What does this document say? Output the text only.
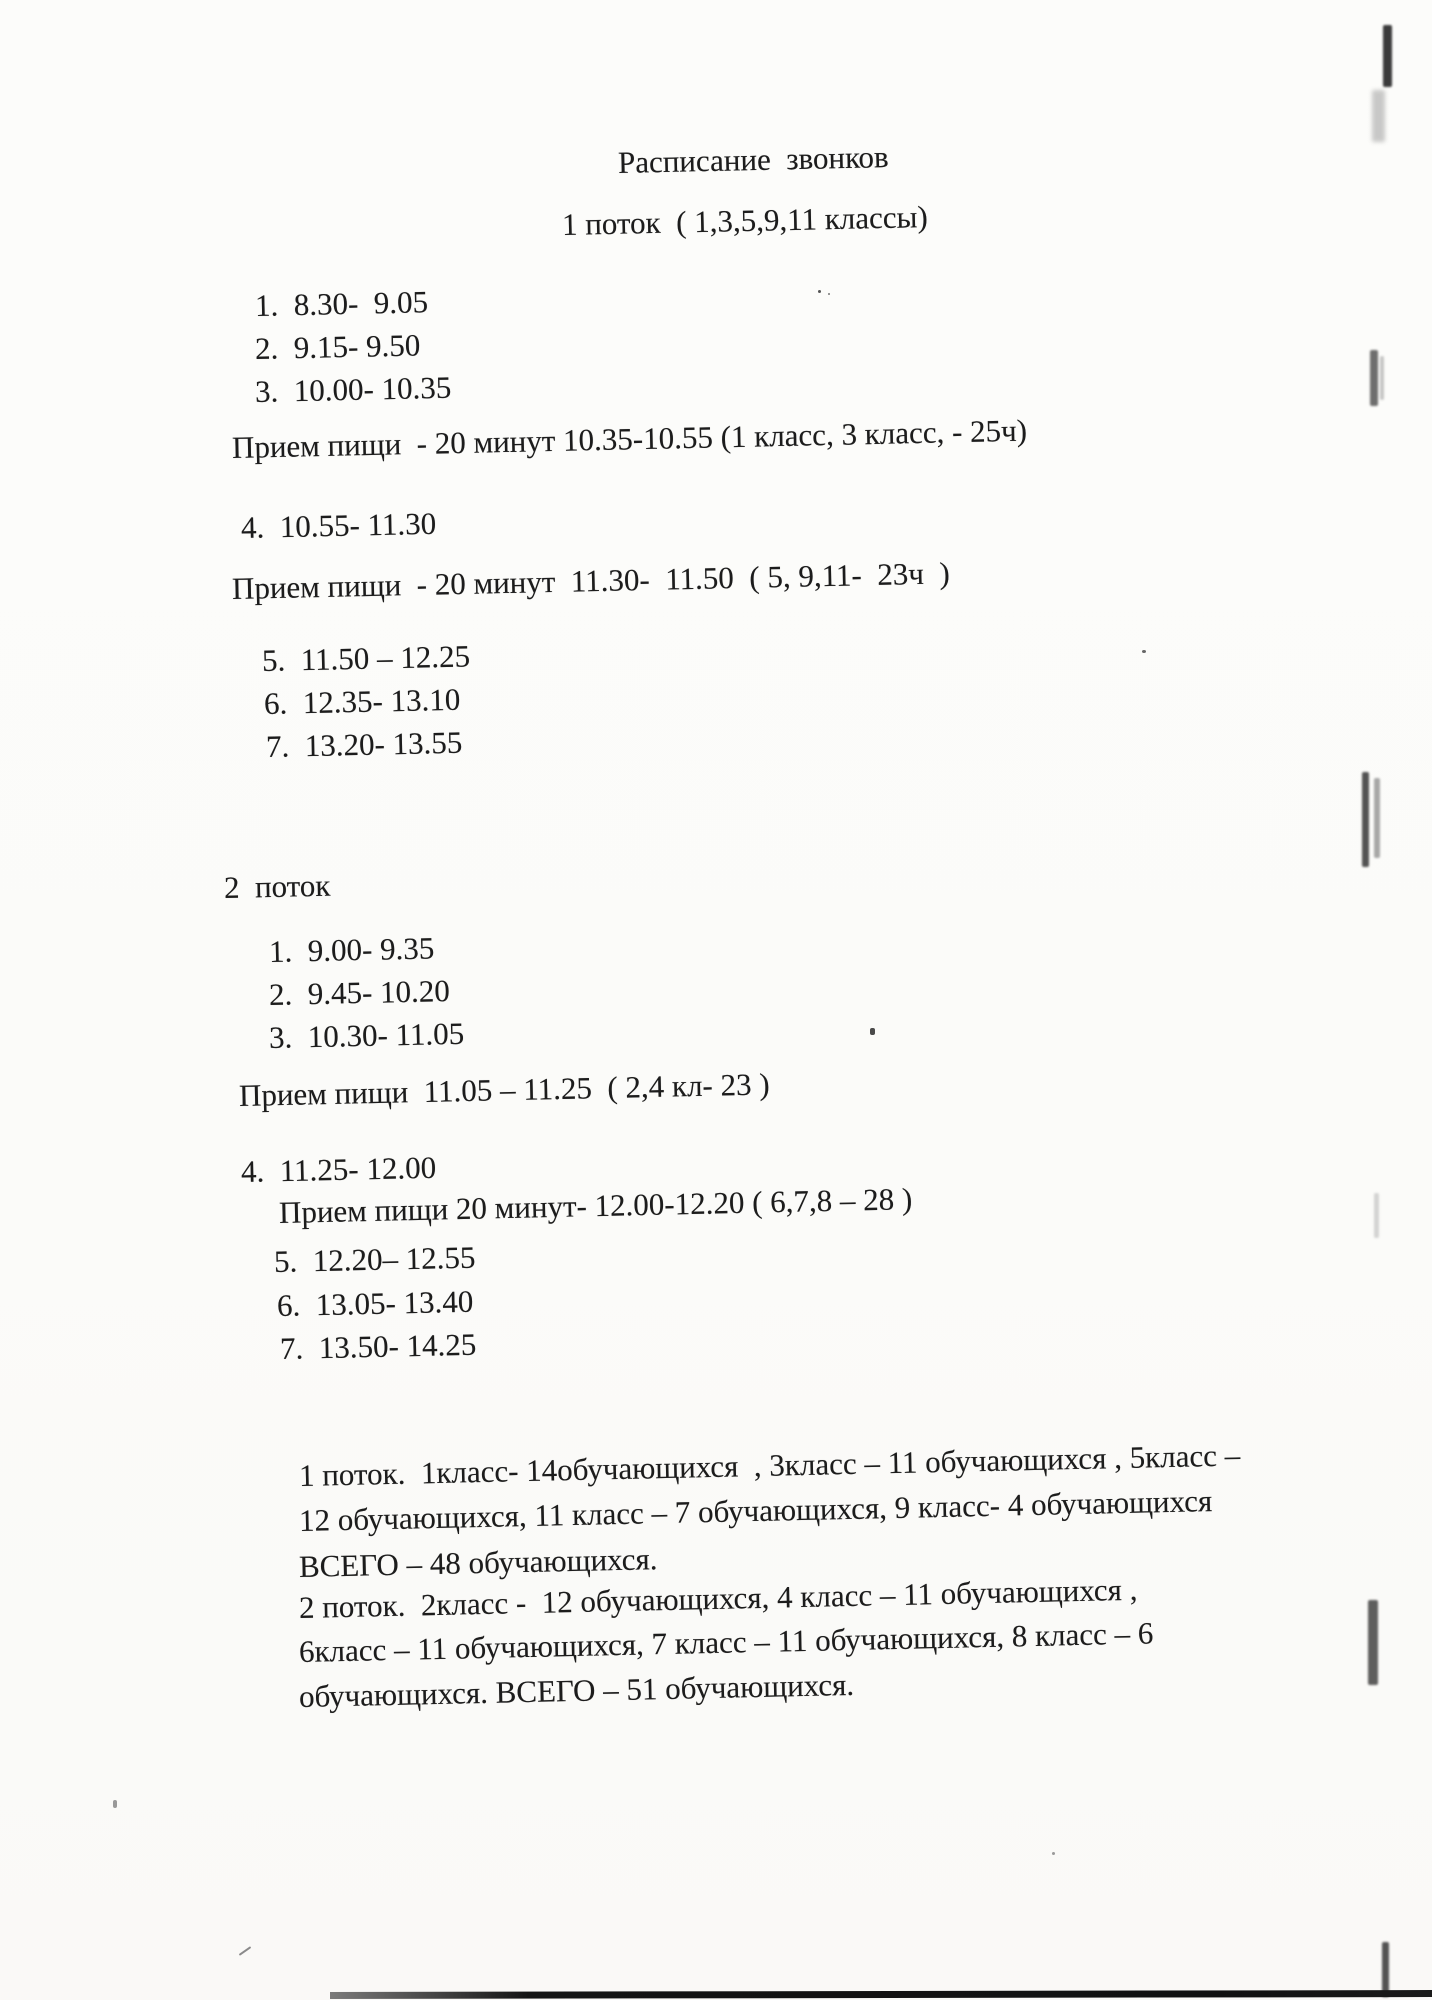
Расписание  звонков
1 поток  ( 1,3,5,9,11 классы)
1.  8.30-  9.05
2.  9.15- 9.50
3.  10.00- 10.35
Прием пищи  - 20 минут 10.35-10.55 (1 класс, 3 класс, - 25ч)
4.  10.55- 11.30
Прием пищи  - 20 минут  11.30-  11.50  ( 5, 9,11-  23ч  )
5.  11.50 – 12.25
6.  12.35- 13.10
7.  13.20- 13.55
2  поток
1.  9.00- 9.35
2.  9.45- 10.20
3.  10.30- 11.05
Прием пищи  11.05 – 11.25  ( 2,4 кл- 23 )
4.  11.25- 12.00
Прием пищи 20 минут- 12.00-12.20 ( 6,7,8 – 28 )
5.  12.20– 12.55
6.  13.05- 13.40
7.  13.50- 14.25
1 поток.  1класс- 14обучающихся  , 3класс – 11 обучающихся , 5класс –
12 обучающихся, 11 класс – 7 обучающихся, 9 класс- 4 обучающихся
ВСЕГО – 48 обучающихся.
2 поток.  2класс -  12 обучающихся, 4 класс – 11 обучающихся ,
6класс – 11 обучающихся, 7 класс – 11 обучающихся, 8 класс – 6
обучающихся. ВСЕГО – 51 обучающихся.
